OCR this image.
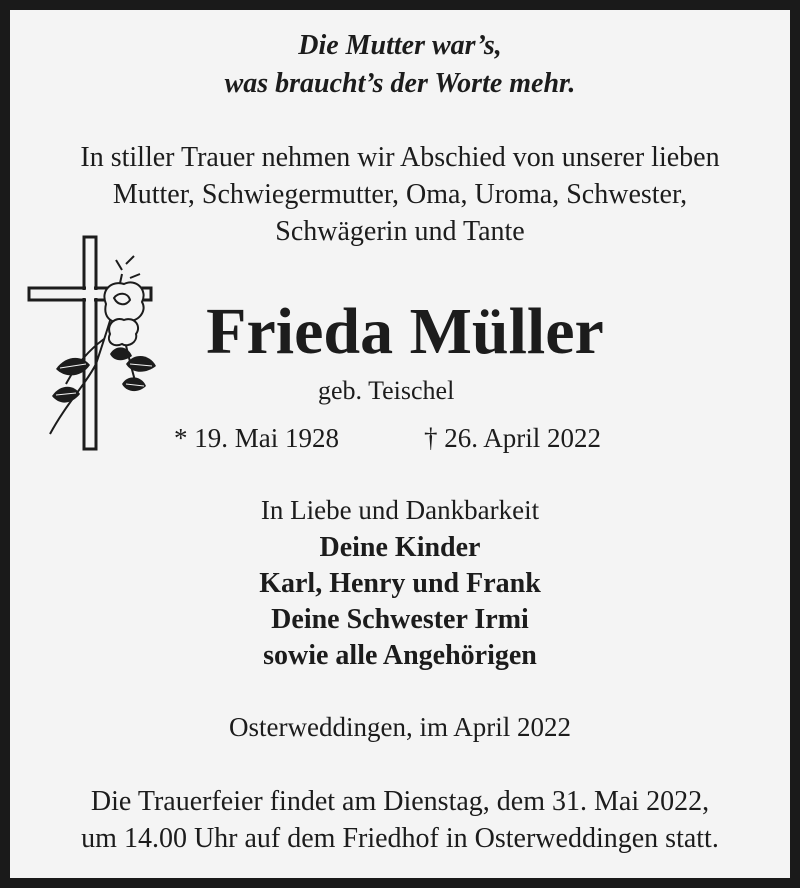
Die Mutter war’s,
was braucht’s der Worte mehr.
In stiller Trauer nehmen wir Abschied von unserer lieben
Mutter, Schwiegermutter, Oma, Uroma, Schwester,
Schwägerin und Tante
Frieda Müller
geb. Teischel
* 19. Mai 1928	† 26. April 2022
In Liebe und Dankbarkeit
Deine Kinder
Karl, Henry und Frank
Deine Schwester Irmi
sowie alle Angehörigen
Osterweddingen, im April 2022
Die Trauerfeier findet am Dienstag, dem 31. Mai 2022,
um 14.00 Uhr auf dem Friedhof in Osterweddingen statt.
